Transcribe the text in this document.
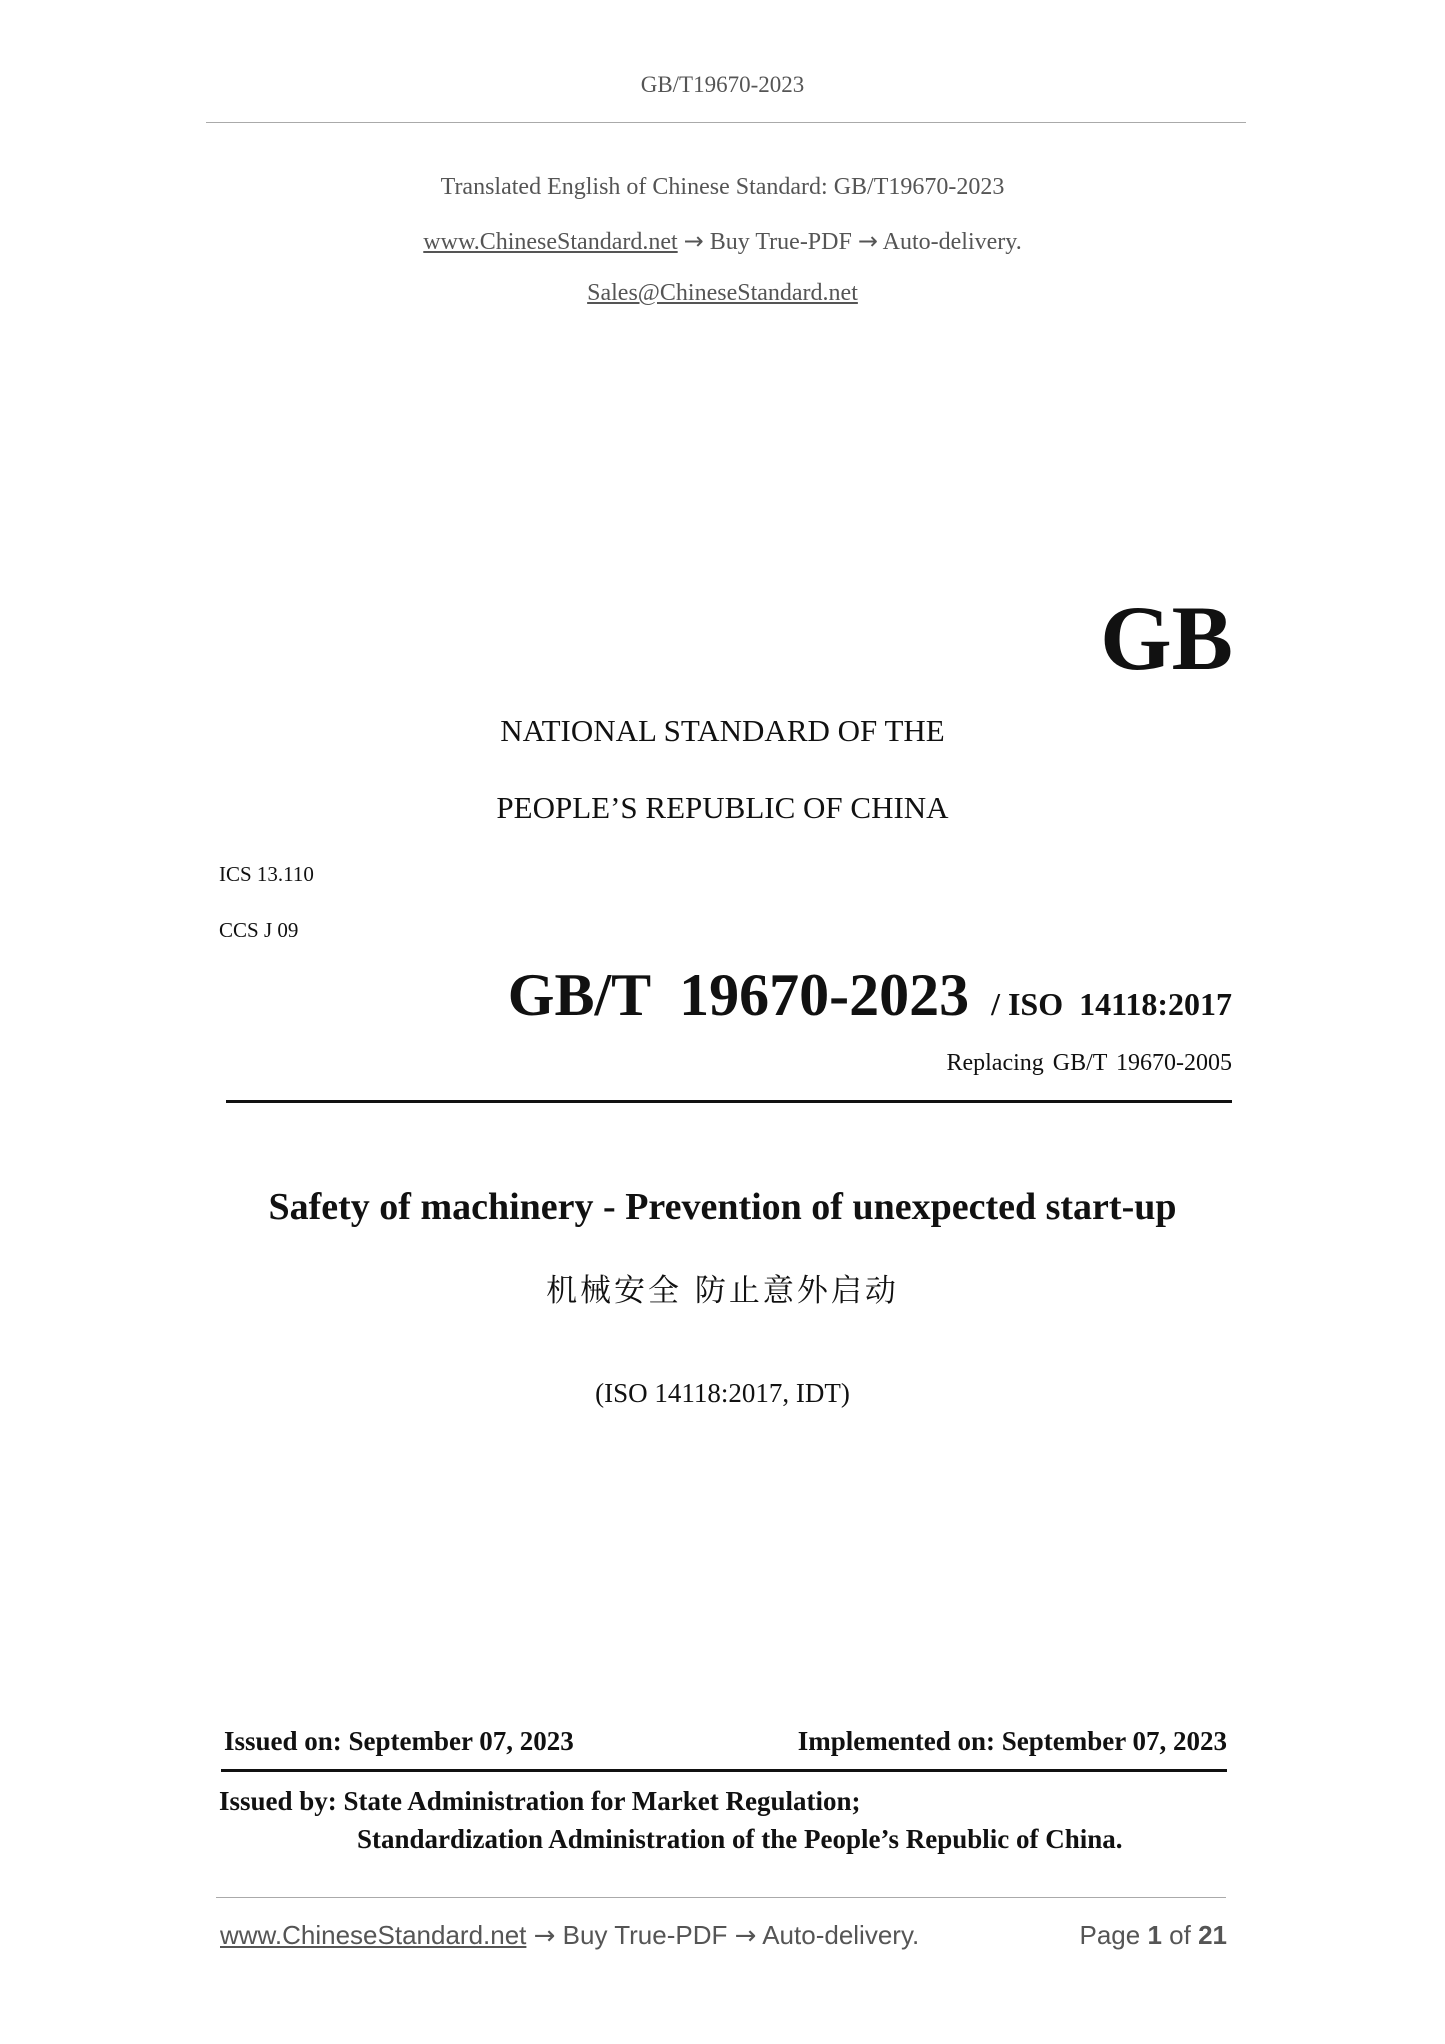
GB/T19670-2023
Translated English of Chinese Standard: GB/T19670-2023
www.ChineseStandard.net → Buy True-PDF → Auto-delivery.
Sales@ChineseStandard.net
GB
NATIONAL STANDARD OF THE
PEOPLE’S REPUBLIC OF CHINA
ICS 13.110
CCS J 09
GB/T 19670-2023 / ISO 14118:2017
Replacing GB/T 19670-2005
Safety of machinery - Prevention of unexpected start-up
机械安全 防止意外启动
(ISO 14118:2017, IDT)
Issued on: September 07, 2023	Implemented on: September 07, 2023
Issued by: State Administration for Market Regulation;
Standardization Administration of the People’s Republic of China.
www.ChineseStandard.net → Buy True-PDF → Auto-delivery.	Page 1 of 21
